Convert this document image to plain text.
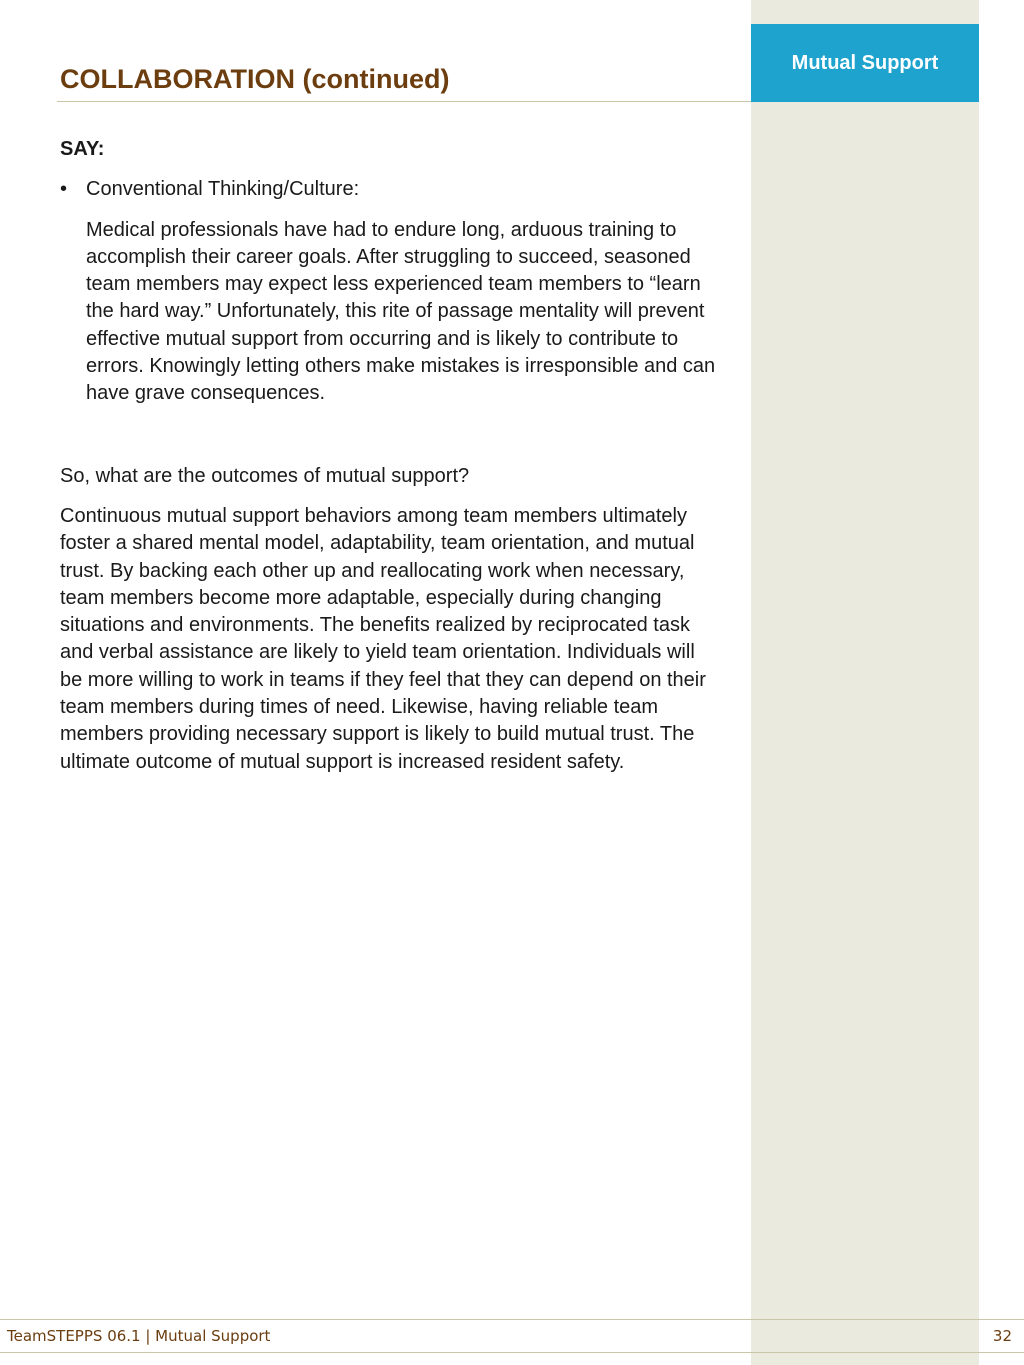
Mutual Support
COLLABORATION (continued)

SAY:

• Conventional Thinking/Culture:

Medical professionals have had to endure long, arduous training to accomplish their career goals. After struggling to succeed, seasoned team members may expect less experienced team members to “learn the hard way.” Unfortunately, this rite of passage mentality will prevent effective mutual support from occurring and is likely to contribute to errors. Knowingly letting others make mistakes is irresponsible and can have grave consequences.

So, what are the outcomes of mutual support?

Continuous mutual support behaviors among team members ultimately foster a shared mental model, adaptability, team orientation, and mutual trust. By backing each other up and reallocating work when necessary, team members become more adaptable, especially during changing situations and environments. The benefits realized by reciprocated task and verbal assistance are likely to yield team orientation. Individuals will be more willing to work in teams if they feel that they can depend on their team members during times of need. Likewise, having reliable team members providing necessary support is likely to build mutual trust. The ultimate outcome of mutual support is increased resident safety.

TeamSTEPPS 06.1 | Mutual Support	32
